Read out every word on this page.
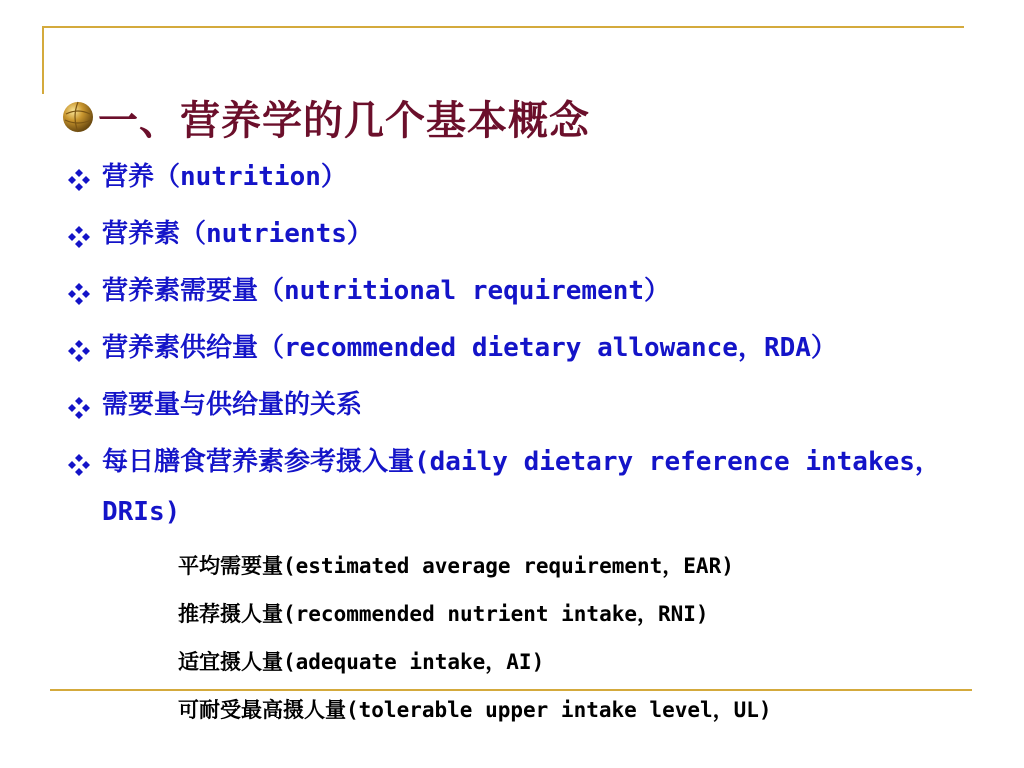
一、营养学的几个基本概念
营养（nutrition）
营养素（nutrients）
营养素需要量（nutritional requirement）
营养素供给量（recommended dietary allowance，RDA）
需要量与供给量的关系
每日膳食营养素参考摄入量(daily dietary reference intakes，DRIs)
平均需要量(estimated average requirement，EAR)
推荐摄人量(recommended nutrient intake，RNI)
适宜摄人量(adequate intake，AI)
可耐受最高摄人量(tolerable upper intake level，UL)
